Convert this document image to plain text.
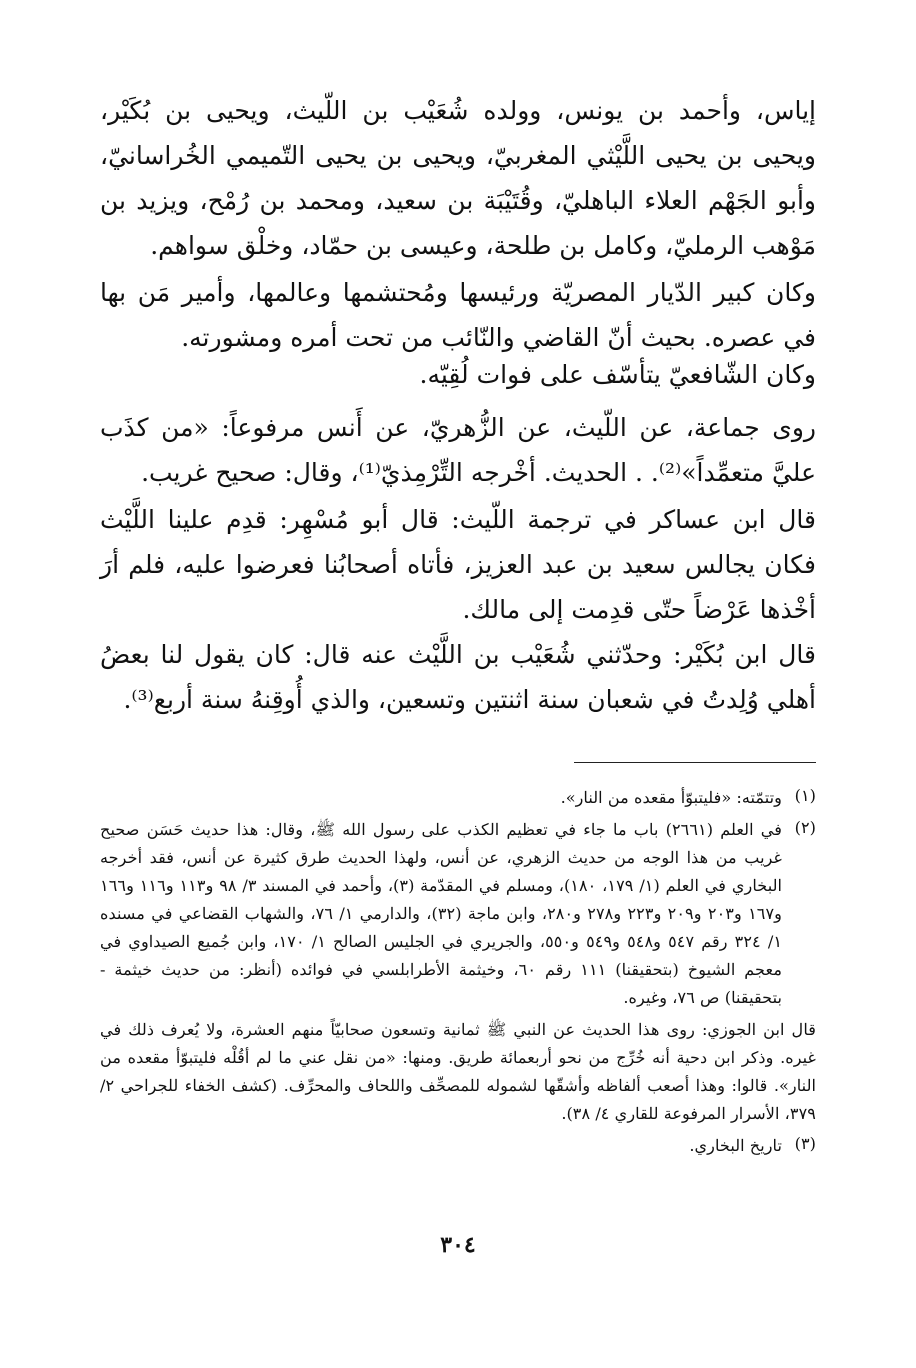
إياس، وأحمد بن يونس، وولده شُعَيْب بن اللّيث، ويحيى بن بُكَيْر، ويحيى بن يحيى اللَّيْثي المغربيّ، ويحيى بن يحيى التّميمي الخُراسانيّ، وأبو الجَهْم العلاء الباهليّ، وقُتَيْبَة بن سعيد، ومحمد بن رُمْح، ويزيد بن مَوْهب الرمليّ، وكامل بن طلحة، وعيسى بن حمّاد، وخلْق سواهم.

وكان كبير الدّيار المصريّة ورئيسها ومُحتشمها وعالمها، وأمير مَن بها في عصره. بحيث أنّ القاضي والنّائب من تحت أمره ومشورته.

وكان الشّافعيّ يتأسّف على فوات لُقِيّه.

روى جماعة، عن اللّيث، عن الزُّهريّ، عن أَنس مرفوعاً: «من كذَب عليَّ متعمِّداً»⁽²⁾. . الحديث. أخْرجه التِّرْمِذيّ⁽¹⁾، وقال: صحيح غريب.

قال ابن عساكر في ترجمة اللّيث: قال أبو مُسْهِر: قدِم علينا اللَّيْث فكان يجالس سعيد بن عبد العزيز، فأتاه أصحابُنا فعرضوا عليه، فلم أرَ أخْذها عَرْضاً حتّى قدِمت إلى مالك.

قال ابن بُكَيْر: وحدّثني شُعَيْب بن اللَّيْث عنه قال: كان يقول لنا بعضُ أهلي وُلِدتُ في شعبان سنة اثنتين وتسعين، والذي أُوقِنهُ سنة أربع⁽³⁾.

(١)
وتتمّته: «فليتبوّأ مقعده من النار».
(٢)
في العلم (٢٦٦١) باب ما جاء في تعظيم الكذب على رسول الله ﷺ، وقال: هذا حديث حَسَن صحيح غريب من هذا الوجه من حديث الزهري، عن أنس، ولهذا الحديث طرق كثيرة عن أنس، فقد أخرجه البخاري في العلم (١/ ١٧٩، ١٨٠)، ومسلم في المقدّمة (٣)، وأحمد في المسند ٣/ ٩٨ و١١٣ و١١٦ و١٦٦ و١٦٧ و٢٠٣ و٢٠٩ و٢٢٣ و٢٧٨ و٢٨٠، وابن ماجة (٣٢)، والدارمي ١/ ٧٦، والشهاب القضاعي في مسنده ١/ ٣٢٤ رقم ٥٤٧ و٥٤٨ و٥٤٩ و٥٥٠، والجريري في الجليس الصالح ١/ ١٧٠، وابن جُميع الصيداوي في معجم الشيوخ (بتحقيقنا) ١١١ رقم ٦٠، وخيثمة الأطرابلسي في فوائده (أنظر: من حديث خيثمة - بتحقيقنا) ص ٧٦، وغيره.
قال ابن الجوزي: روى هذا الحديث عن النبي ﷺ ثمانية وتسعون صحابيّاً منهم العشرة، ولا يُعرف ذلك في غيره. وذكر ابن دحية أنه خُرِّج من نحو أربعمائة طريق. ومنها: «من نقل عني ما لم أقُلْه فليتبوّأ مقعده من النار». قالوا: وهذا أصعب ألفاظه وأشقّها لشموله للمصحِّف واللحاف والمحرِّف. (كشف الخفاء للجراحي ٢/ ٣٧٩، الأسرار المرفوعة للقاري ٤/ ٣٨).
(٣)
تاريخ البخاري.
٣٠٤
